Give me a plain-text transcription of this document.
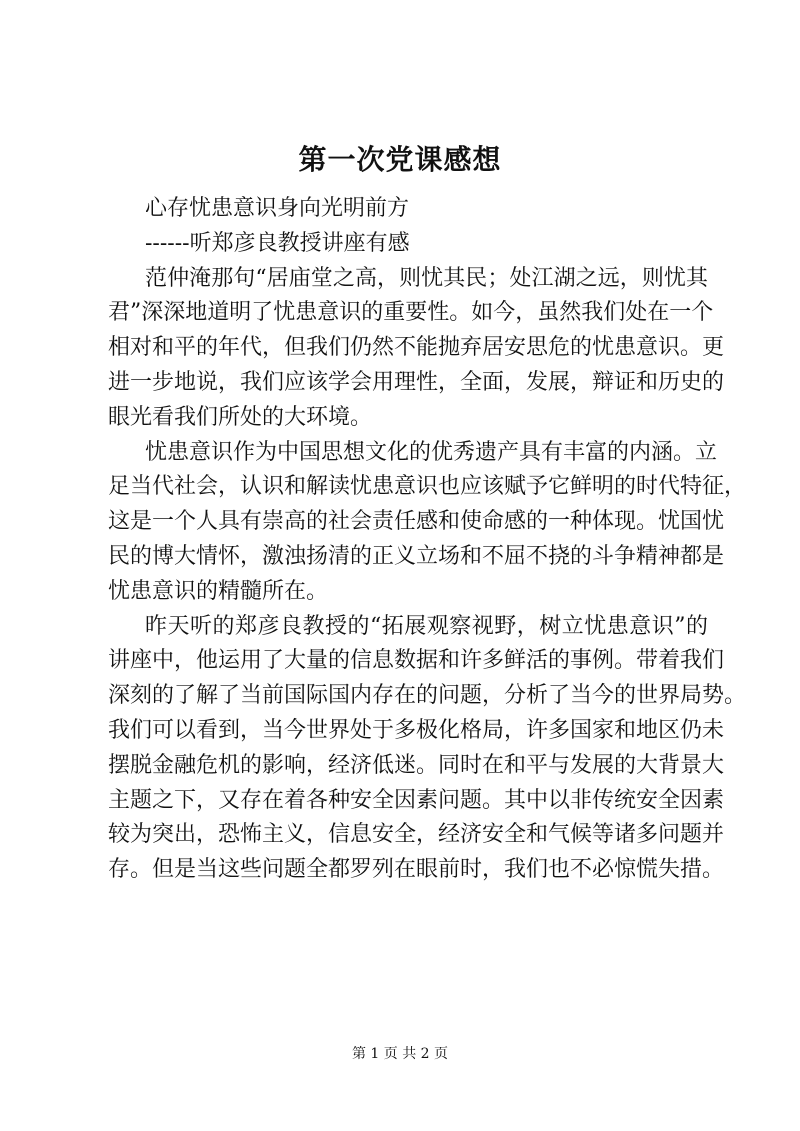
第一次党课感想
心存忧患意识身向光明前方
------听郑彦良教授讲座有感
范仲淹那句“居庙堂之高，则忧其民；处江湖之远，则忧其
君”深深地道明了忧患意识的重要性。如今，虽然我们处在一个
相对和平的年代，但我们仍然不能抛弃居安思危的忧患意识。更
进一步地说，我们应该学会用理性，全面，发展，辩证和历史的
眼光看我们所处的大环境。
忧患意识作为中国思想文化的优秀遗产具有丰富的内涵。立
足当代社会，认识和解读忧患意识也应该赋予它鲜明的时代特征，
这是一个人具有崇高的社会责任感和使命感的一种体现。忧国忧
民的博大情怀，激浊扬清的正义立场和不屈不挠的斗争精神都是
忧患意识的精髓所在。
昨天听的郑彦良教授的“拓展观察视野，树立忧患意识”的
讲座中，他运用了大量的信息数据和许多鲜活的事例。带着我们
深刻的了解了当前国际国内存在的问题，分析了当今的世界局势。
我们可以看到，当今世界处于多极化格局，许多国家和地区仍未
摆脱金融危机的影响，经济低迷。同时在和平与发展的大背景大
主题之下，又存在着各种安全因素问题。其中以非传统安全因素
较为突出，恐怖主义，信息安全，经济安全和气候等诸多问题并
存。但是当这些问题全都罗列在眼前时，我们也不必惊慌失措。
第 1 页 共 2 页
